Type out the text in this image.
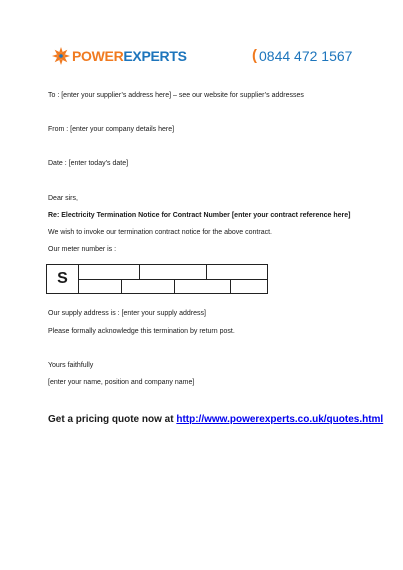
POWEREXPERTS	( 0844 472 1567
To : [enter your supplier’s address here] – see our website for supplier’s addresses
From : [enter your company details here]
Date : [enter today’s date]
Dear sirs,
Re: Electricity Termination Notice for Contract Number [enter your contract reference here]
We wish to invoke our termination contract notice for the above contract.
Our meter number is :
S
Our supply address is : [enter your supply address]
Please formally acknowledge this termination by return post.
Yours faithfully
[enter your name, position and company name]
Get a pricing quote now at http://www.powerexperts.co.uk/quotes.html
